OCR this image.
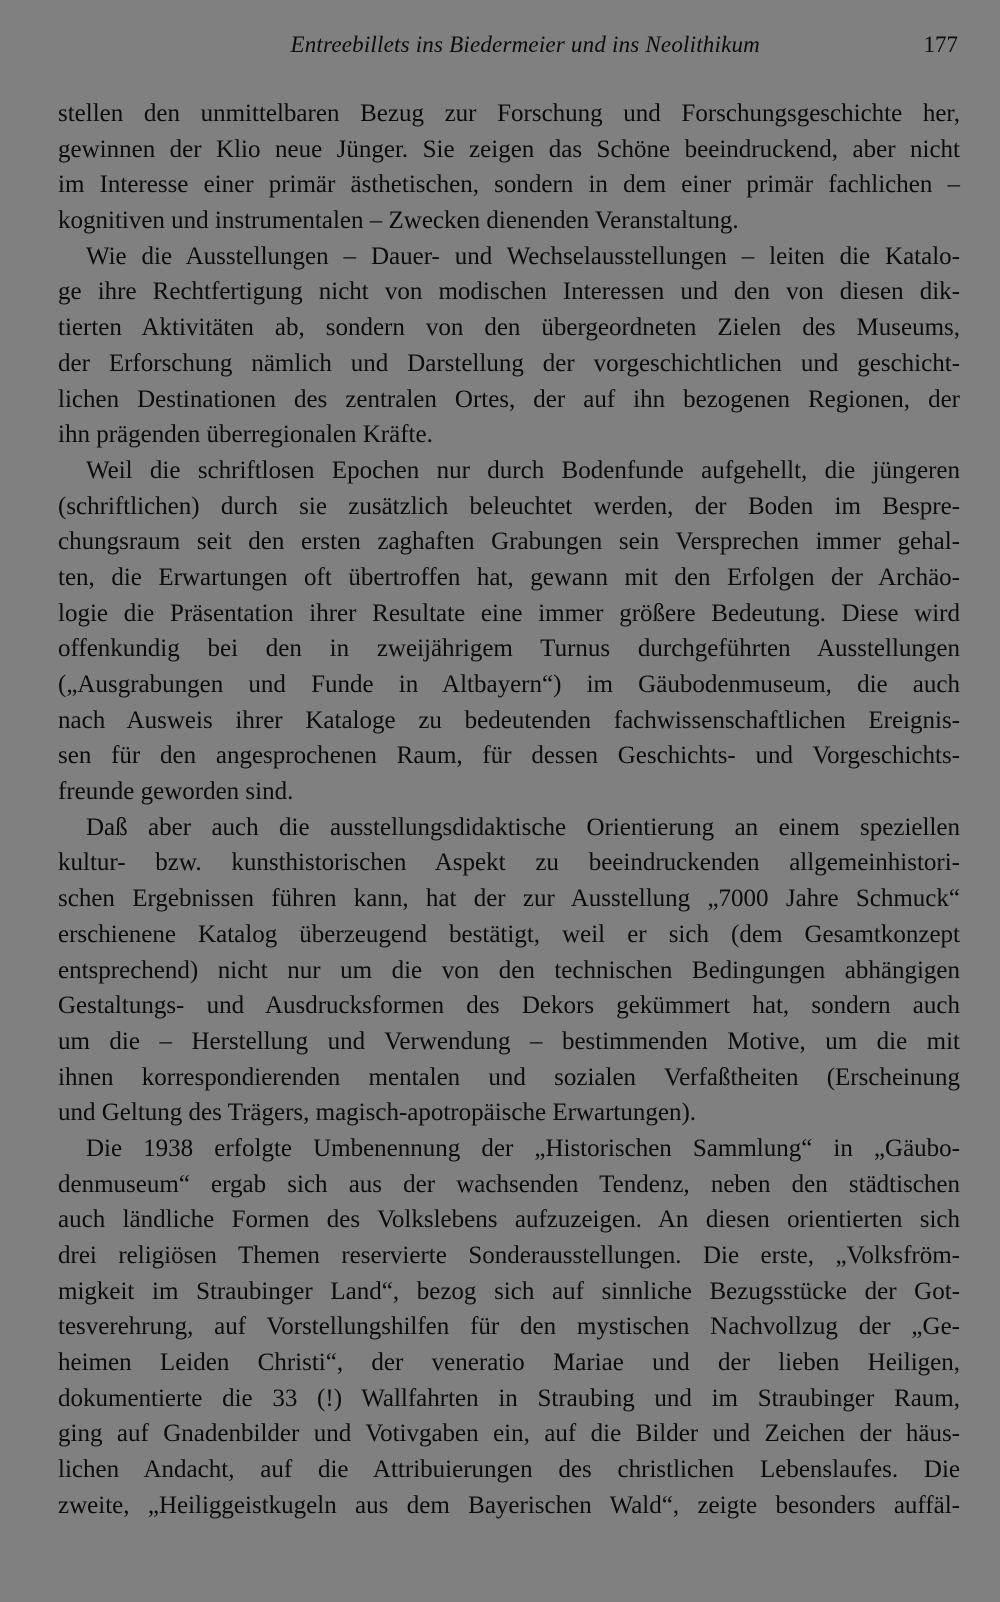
Entreebillets ins Biedermeier und ins Neolithikum	177
stellen den unmittelbaren Bezug zur Forschung und Forschungsgeschichte her,
gewinnen der Klio neue Jünger. Sie zeigen das Schöne beeindruckend, aber nicht
im Interesse einer primär ästhetischen, sondern in dem einer primär fachlichen –
kognitiven und instrumentalen – Zwecken dienenden Veranstaltung.
Wie die Ausstellungen – Dauer- und Wechselausstellungen – leiten die Katalo-
ge ihre Rechtfertigung nicht von modischen Interessen und den von diesen dik-
tierten Aktivitäten ab, sondern von den übergeordneten Zielen des Museums,
der Erforschung nämlich und Darstellung der vorgeschichtlichen und geschicht-
lichen Destinationen des zentralen Ortes, der auf ihn bezogenen Regionen, der
ihn prägenden überregionalen Kräfte.
Weil die schriftlosen Epochen nur durch Bodenfunde aufgehellt, die jüngeren
(schriftlichen) durch sie zusätzlich beleuchtet werden, der Boden im Bespre-
chungsraum seit den ersten zaghaften Grabungen sein Versprechen immer gehal-
ten, die Erwartungen oft übertroffen hat, gewann mit den Erfolgen der Archäo-
logie die Präsentation ihrer Resultate eine immer größere Bedeutung. Diese wird
offenkundig bei den in zweijährigem Turnus durchgeführten Ausstellungen
(„Ausgrabungen und Funde in Altbayern“) im Gäubodenmuseum, die auch
nach Ausweis ihrer Kataloge zu bedeutenden fachwissenschaftlichen Ereignis-
sen für den angesprochenen Raum, für dessen Geschichts- und Vorgeschichts-
freunde geworden sind.
Daß aber auch die ausstellungsdidaktische Orientierung an einem speziellen
kultur- bzw. kunsthistorischen Aspekt zu beeindruckenden allgemeinhistori-
schen Ergebnissen führen kann, hat der zur Ausstellung „7000 Jahre Schmuck“
erschienene Katalog überzeugend bestätigt, weil er sich (dem Gesamtkonzept
entsprechend) nicht nur um die von den technischen Bedingungen abhängigen
Gestaltungs- und Ausdrucksformen des Dekors gekümmert hat, sondern auch
um die – Herstellung und Verwendung – bestimmenden Motive, um die mit
ihnen korrespondierenden mentalen und sozialen Verfaßtheiten (Erscheinung
und Geltung des Trägers, magisch-apotropäische Erwartungen).
Die 1938 erfolgte Umbenennung der „Historischen Sammlung“ in „Gäubo-
denmuseum“ ergab sich aus der wachsenden Tendenz, neben den städtischen
auch ländliche Formen des Volkslebens aufzuzeigen. An diesen orientierten sich
drei religiösen Themen reservierte Sonderausstellungen. Die erste, „Volksfröm-
migkeit im Straubinger Land“, bezog sich auf sinnliche Bezugsstücke der Got-
tesverehrung, auf Vorstellungshilfen für den mystischen Nachvollzug der „Ge-
heimen Leiden Christi“, der veneratio Mariae und der lieben Heiligen,
dokumentierte die 33 (!) Wallfahrten in Straubing und im Straubinger Raum,
ging auf Gnadenbilder und Votivgaben ein, auf die Bilder und Zeichen der häus-
lichen Andacht, auf die Attribuierungen des christlichen Lebenslaufes. Die
zweite, „Heiliggeistkugeln aus dem Bayerischen Wald“, zeigte besonders auffäl-
